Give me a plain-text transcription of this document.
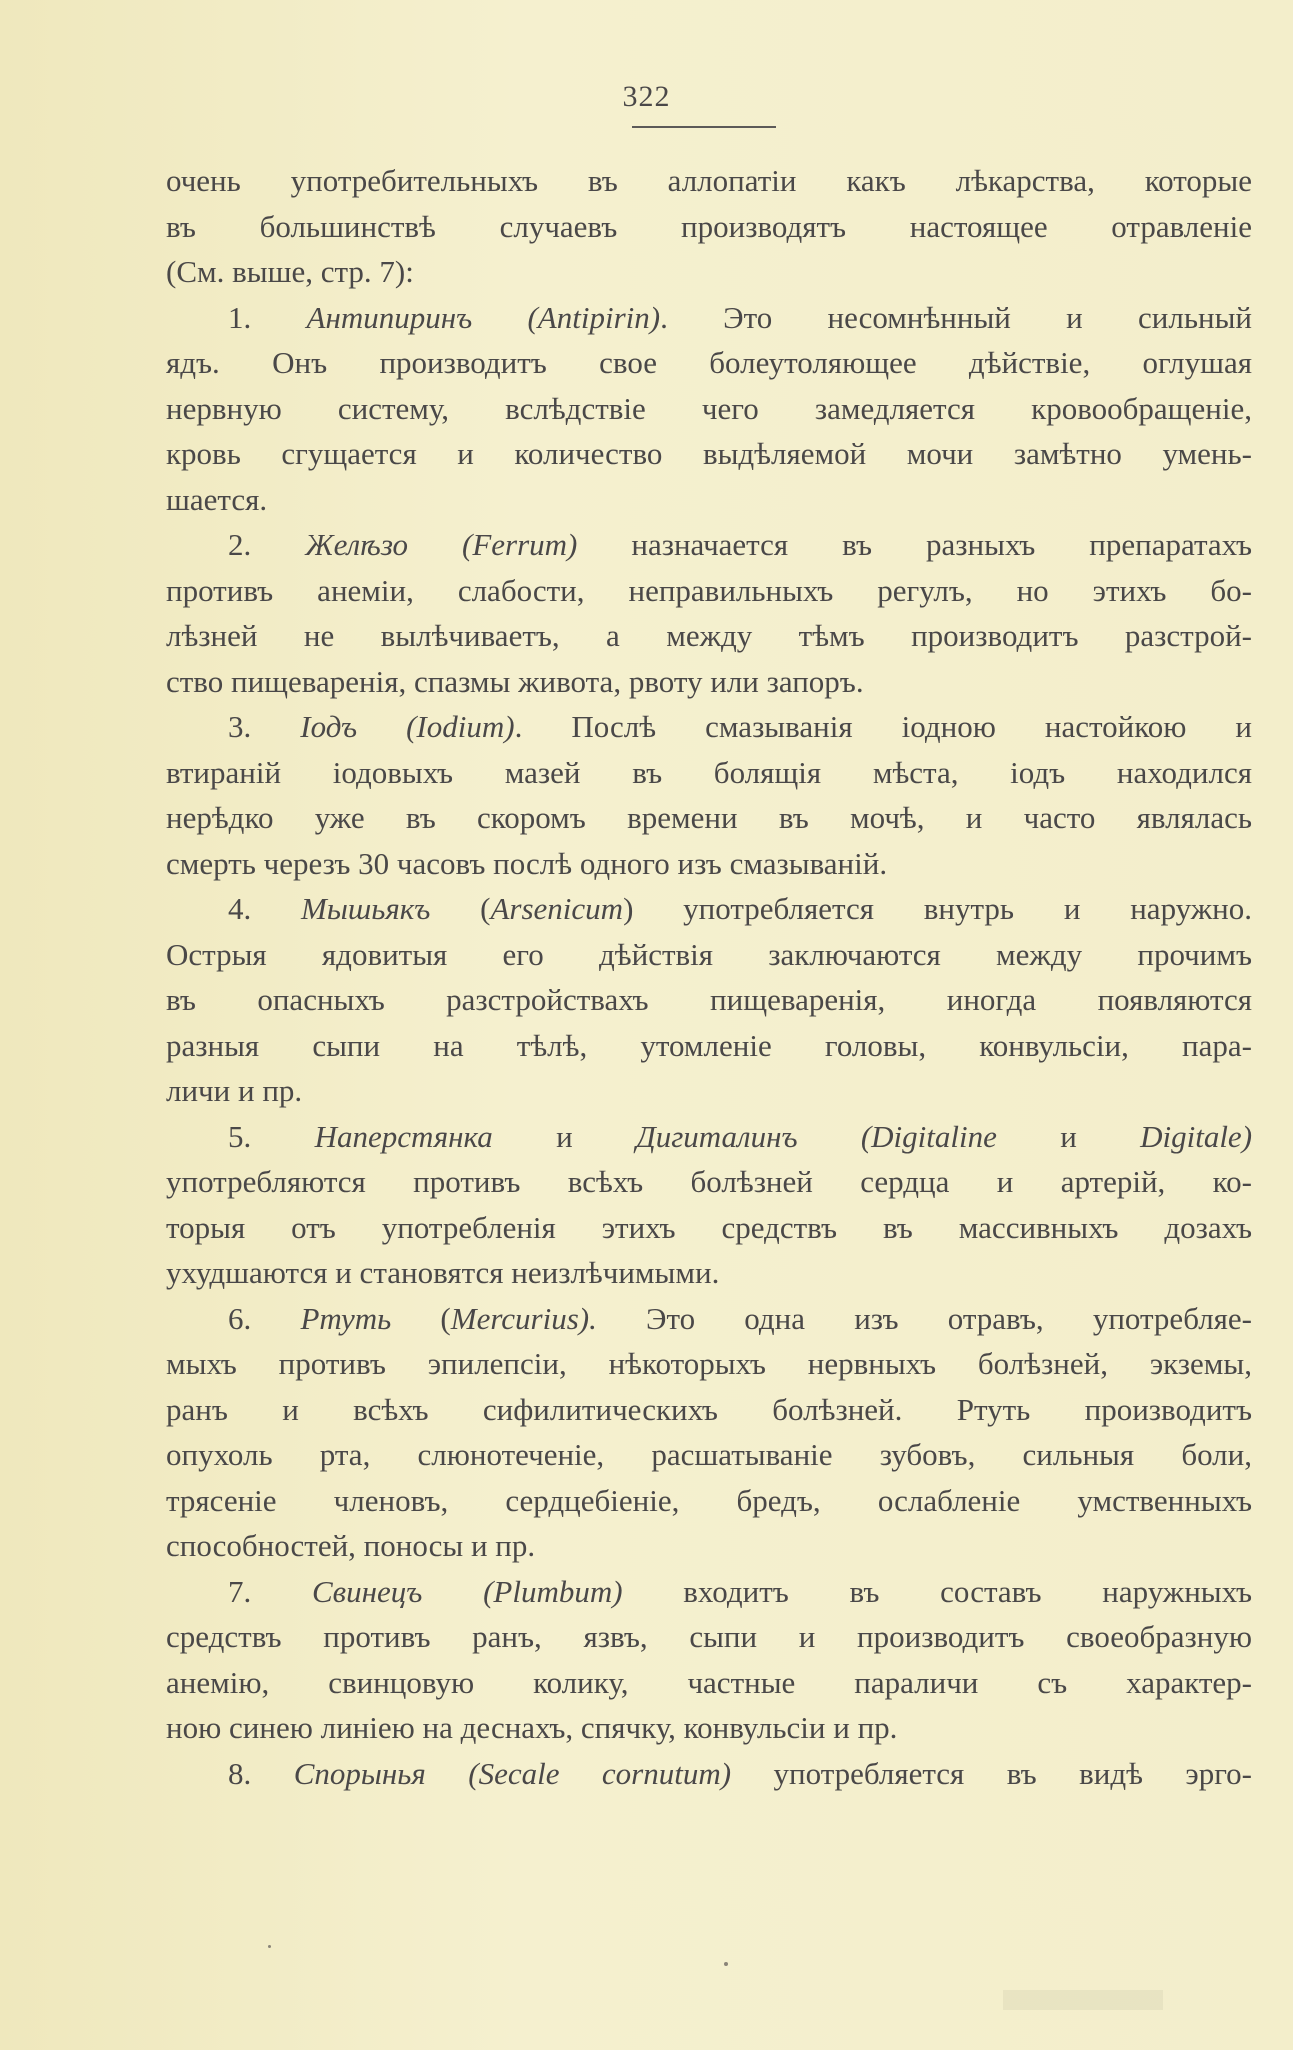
322
очень употребительныхъ въ аллопатіи какъ лѣкарства, которые
въ большинствѣ случаевъ производятъ настоящее отравленіе
(См. выше, стр. 7):
1. Антипиринъ (Antipirin). Это несомнѣнный и сильный
ядъ. Онъ производитъ свое болеутоляющее дѣйствіе, оглушая
нервную систему, вслѣдствіе чего замедляется кровообращеніе,
кровь сгущается и количество выдѣляемой мочи замѣтно умень-
шается.
2. Желѣзо (Ferrum) назначается въ разныхъ препаратахъ
противъ анеміи, слабости, неправильныхъ регулъ, но этихъ бо-
лѣзней не вылѣчиваетъ, а между тѣмъ производитъ разстрой-
ство пищеваренія, спазмы живота, рвоту или запоръ.
3. Іодъ (Iodium). Послѣ смазыванія іодною настойкою и
втираній іодовыхъ мазей въ болящія мѣста, іодъ находился
нерѣдко уже въ скоромъ времени въ мочѣ, и часто являлась
смерть черезъ 30 часовъ послѣ одного изъ смазываній.
4. Мышьякъ (Arsenicum) употребляется внутрь и наружно.
Острыя ядовитыя его дѣйствія заключаются между прочимъ
въ опасныхъ разстройствахъ пищеваренія, иногда появляются
разныя сыпи на тѣлѣ, утомленіе головы, конвульсіи, пара-
личи и пр.
5. Наперстянка и Дигиталинъ (Digitaline и Digitale)
употребляются противъ всѣхъ болѣзней сердца и артерій, ко-
торыя отъ употребленія этихъ средствъ въ массивныхъ дозахъ
ухудшаются и становятся неизлѣчимыми.
6. Ртуть (Mercurius). Это одна изъ отравъ, употребляе-
мыхъ противъ эпилепсіи, нѣкоторыхъ нервныхъ болѣзней, экземы,
ранъ и всѣхъ сифилитическихъ болѣзней. Ртуть производитъ
опухоль рта, слюнотеченіе, расшатываніе зубовъ, сильныя боли,
трясеніе членовъ, сердцебіеніе, бредъ, ослабленіе умственныхъ
способностей, поносы и пр.
7. Свинецъ (Plumbum) входитъ въ составъ наружныхъ
средствъ противъ ранъ, язвъ, сыпи и производитъ своеобразную
анемію, свинцовую колику, частные параличи съ характер-
ною синею линіею на деснахъ, спячку, конвульсіи и пр.
8. Спорынья (Secale cornutum) употребляется въ видѣ эрго-
